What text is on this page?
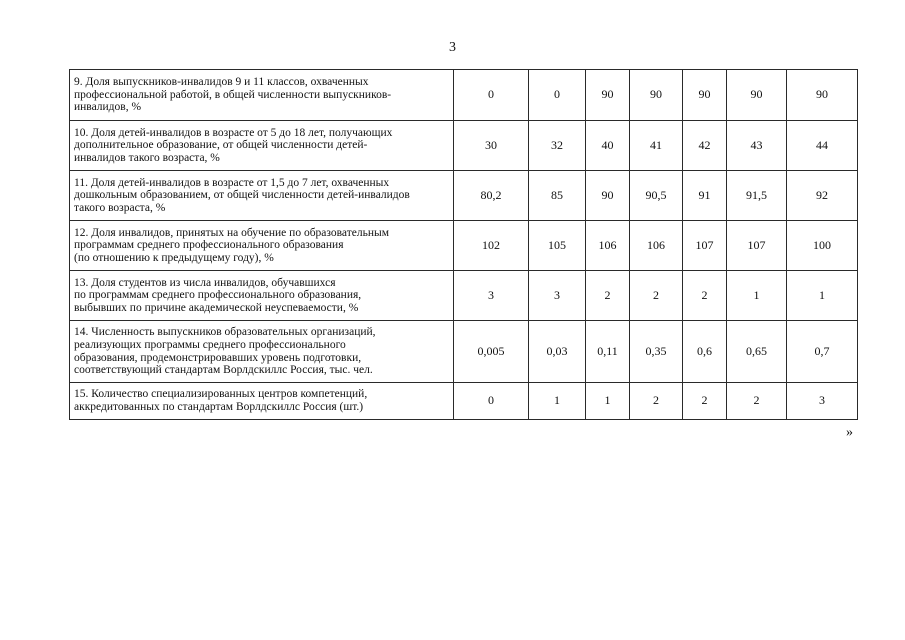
3
9. Доля выпускников-инвалидов 9 и 11 классов, охваченных
профессиональной работой, в общей численности выпускников-
инвалидов, %	0	0	90	90	90	90	90
10. Доля детей-инвалидов в возрасте от 5 до 18 лет, получающих
дополнительное образование, от общей численности детей-
инвалидов такого возраста, %	30	32	40	41	42	43	44
11. Доля детей-инвалидов в возрасте от 1,5 до 7 лет, охваченных
дошкольным образованием, от общей численности детей-инвалидов
такого возраста, %	80,2	85	90	90,5	91	91,5	92
12. Доля инвалидов, принятых на обучение по образовательным
программам среднего профессионального образования
(по отношению к предыдущему году), %	102	105	106	106	107	107	100
13. Доля студентов из числа инвалидов, обучавшихся
по программам среднего профессионального образования,
выбывших по причине академической неуспеваемости, %	3	3	2	2	2	1	1
14. Численность выпускников образовательных организаций,
реализующих программы среднего профессионального
образования, продемонстрировавших уровень подготовки,
соответствующий стандартам Ворлдскиллс Россия, тыс. чел.	0,005	0,03	0,11	0,35	0,6	0,65	0,7
15. Количество специализированных центров компетенций,
аккредитованных по стандартам Ворлдскиллс Россия (шт.)	0	1	1	2	2	2	3
»
